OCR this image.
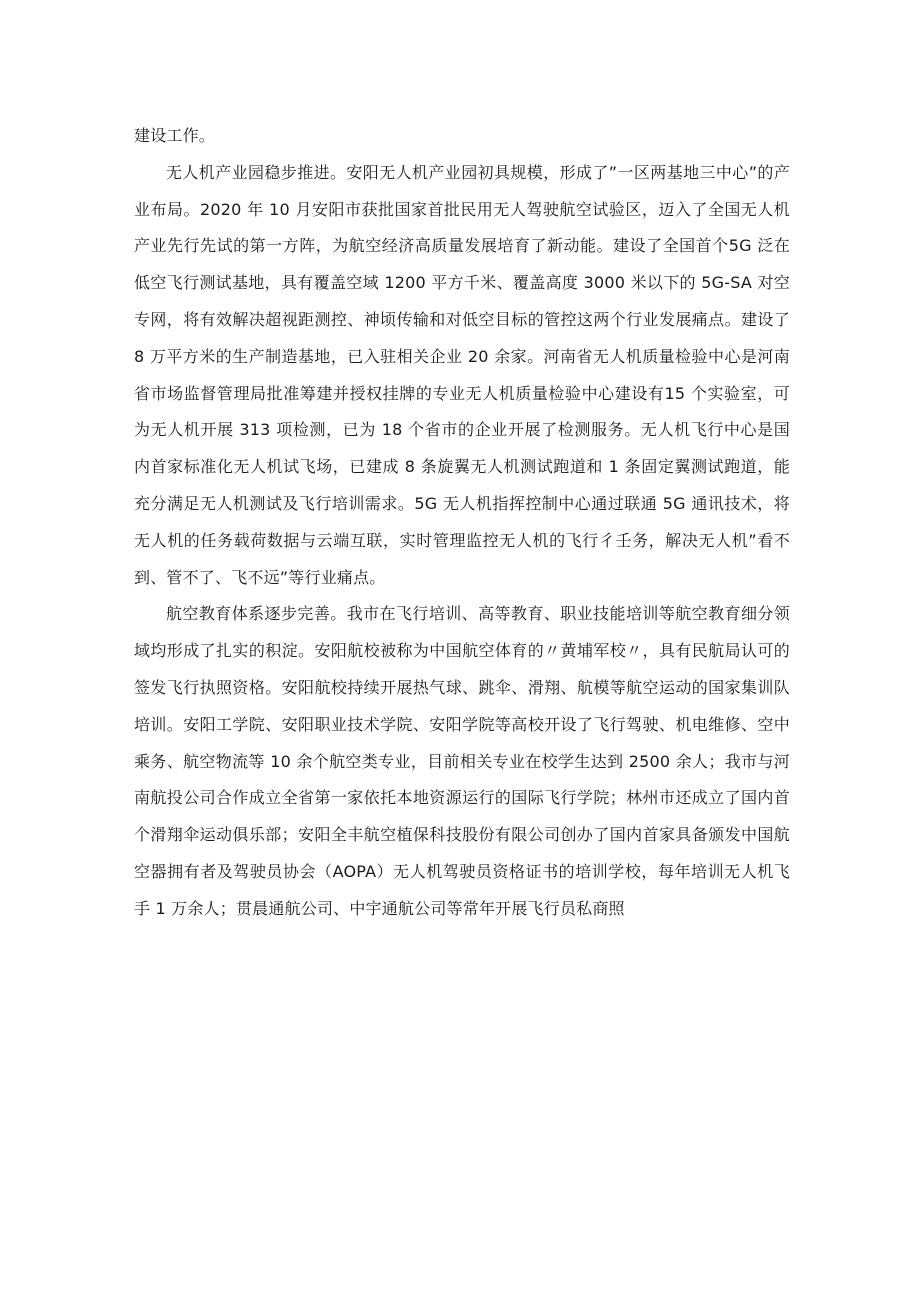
建设工作。

无人机产业园稳步推进。安阳无人机产业园初具规模，形成了”一区两基地三中心”的产业布局。2020 年 10 月安阳市获批国家首批民用无人驾驶航空试验区，迈入了全国无人机产业先行先试的第一方阵，为航空经济高质量发展培育了新动能。建设了全国首个5G 泛在低空飞行测试基地，具有覆盖空域 1200 平方千米、覆盖高度 3000 米以下的 5G-SA 对空专网，将有效解决超视距测控、神顷传输和对低空目标的管控这两个行业发展痛点。建设了 8 万平方米的生产制造基地，已入驻相关企业 20 余家。河南省无人机质量检验中心是河南省市场监督管理局批准筹建并授权挂牌的专业无人机质量检验中心建设有15 个实验室，可为无人机开展 313 项检测，已为 18 个省市的企业开展了检测服务。无人机飞行中心是国内首家标准化无人机试飞场，已建成 8 条旋翼无人机测试跑道和 1 条固定翼测试跑道，能充分满足无人机测试及飞行培训需求。5G 无人机指挥控制中心通过联通 5G 通讯技术，将无人机的任务载荷数据与云端互联，实时管理监控无人机的飞行彳壬务，解决无人机”看不到、管不了、飞不远”等行业痛点。

航空教育体系逐步完善。我市在飞行培训、高等教育、职业技能培训等航空教育细分领域均形成了扎实的积淀。安阳航校被称为中国航空体育的〃黄埔军校〃，具有民航局认可的签发飞行执照资格。安阳航校持续开展热气球、跳伞、滑翔、航模等航空运动的国家集训队培训。安阳工学院、安阳职业技术学院、安阳学院等高校开设了飞行驾驶、机电维修、空中乘务、航空物流等 10 余个航空类专业，目前相关专业在校学生达到 2500 余人；我市与河南航投公司合作成立全省第一家依托本地资源运行的国际飞行学院；林州市还成立了国内首个滑翔伞运动俱乐部；安阳全丰航空植保科技股份有限公司创办了国内首家具备颁发中国航空器拥有者及驾驶员协会（AOPA）无人机驾驶员资格证书的培训学校，每年培训无人机飞手 1 万余人；贯晨通航公司、中宇通航公司等常年开展飞行员私商照
